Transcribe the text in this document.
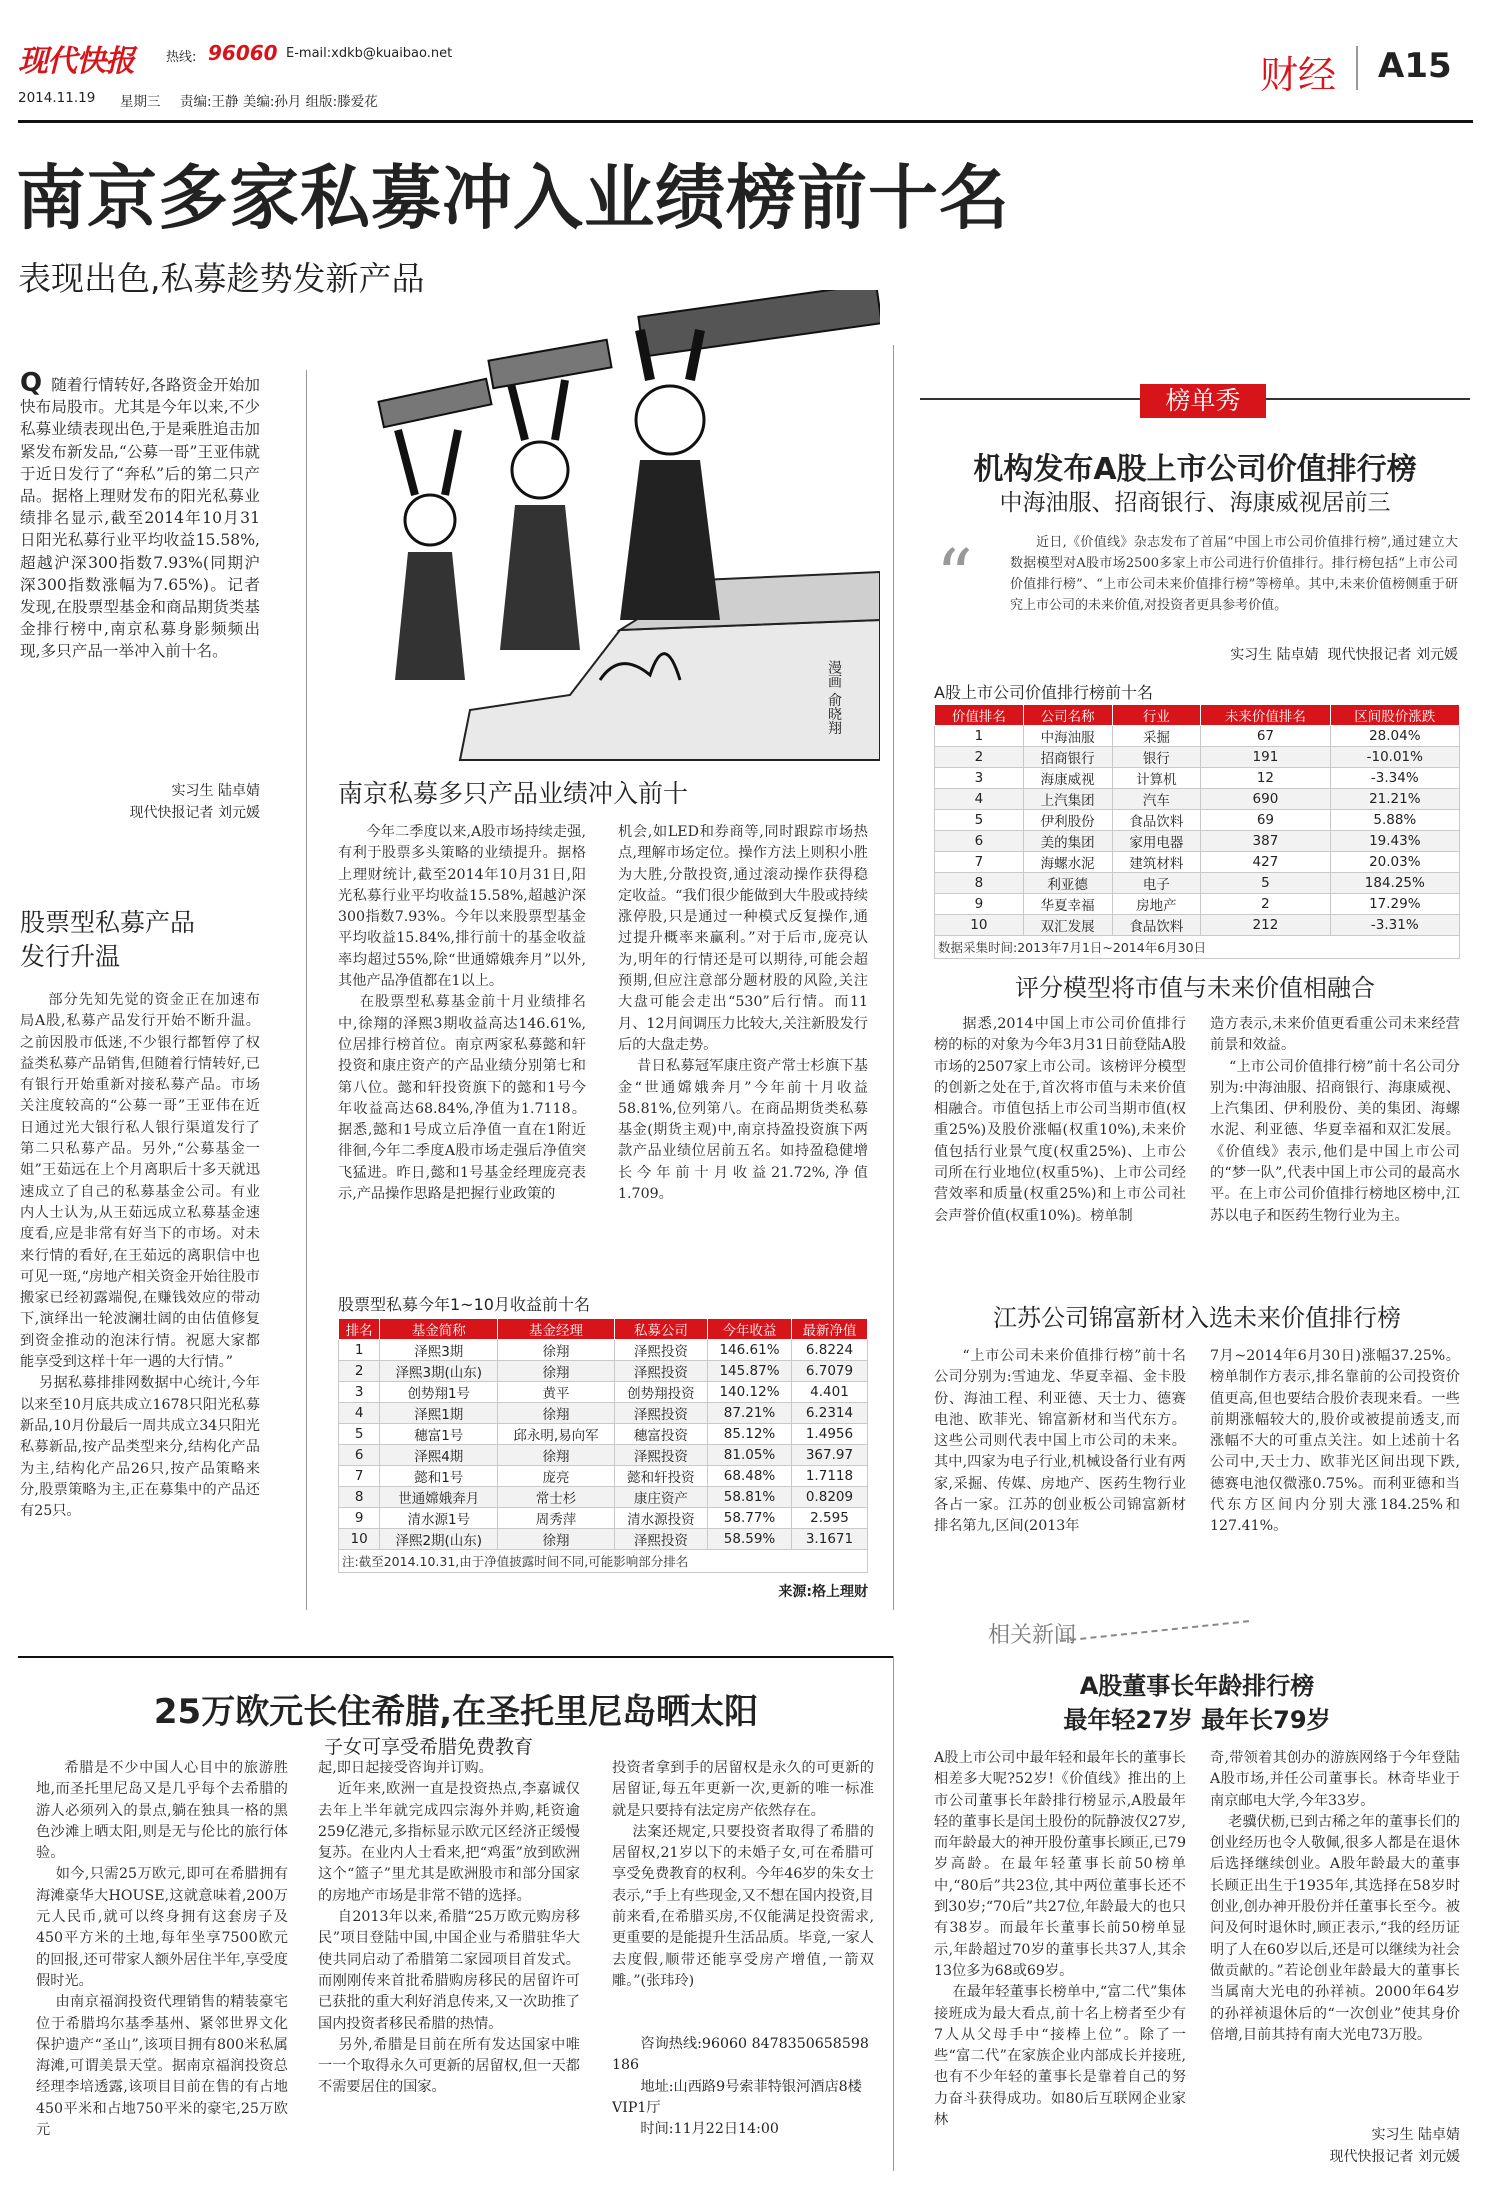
现代快报 热线: 96060 E-mail:xdkb@kuaibao.net
2014.11.19 星期三 责编:王静 美编:孙月 组版:滕爱花
财经 A15
南京多家私募冲入业绩榜前十名
表现出色,私募趁势发新产品
Q 随着行情转好,各路资金开始加快布局股市。尤其是今年以来,不少私募业绩表现出色,于是乘胜追击加紧发布新发品,“公募一哥”王亚伟就于近日发行了“奔私”后的第二只产品。据格上理财发布的阳光私募业绩排名显示,截至2014年10月31日阳光私募行业平均收益15.58%,超越沪深300指数7.93%(同期沪深300指数涨幅为7.65%)。记者发现,在股票型基金和商品期货类基金排行榜中,南京私募身影频频出现,多只产品一举冲入前十名。
实习生 陆卓婧
现代快报记者 刘元媛
漫画 俞晓翔
股票型私募产品
发行升温
部分先知先觉的资金正在加速布局A股,私募产品发行开始不断升温。之前因股市低迷,不少银行都暂停了权益类私募产品销售,但随着行情转好,已有银行开始重新对接私募产品。市场关注度较高的“公募一哥”王亚伟在近日通过光大银行私人银行渠道发行了第二只私募产品。另外,“公募基金一姐”王茹远在上个月离职后十多天就迅速成立了自己的私募基金公司。有业内人士认为,从王茹远成立私募基金速度看,应是非常有好当下的市场。对未来行情的看好,在王茹远的离职信中也可见一斑,“房地产相关资金开始往股市搬家已经初露端倪,在赚钱效应的带动下,演绎出一轮波澜壮阔的由估值修复到资金推动的泡沫行情。祝愿大家都能享受到这样十年一遇的大行情。”
另据私募排排网数据中心统计,今年以来至10月底共成立1678只阳光私募新品,10月份最后一周共成立34只阳光私募新品,按产品类型来分,结构化产品为主,结构化产品26只,按产品策略来分,股票策略为主,正在募集中的产品还有25只。
南京私募多只产品业绩冲入前十
今年二季度以来,A股市场持续走强,有利于股票多头策略的业绩提升。据格上理财统计,截至2014年10月31日,阳光私募行业平均收益15.58%,超越沪深300指数7.93%。今年以来股票型基金平均收益15.84%,排行前十的基金收益率均超过55%,除“世通嫦娥奔月”以外,其他产品净值都在1以上。
在股票型私募基金前十月业绩排名中,徐翔的泽熙3期收益高达146.61%,位居排行榜首位。南京两家私募懿和轩投资和康庄资产的产品业绩分别第七和第八位。懿和轩投资旗下的懿和1号今年收益高达68.84%,净值为1.7118。据悉,懿和1号成立后净值一直在1附近徘徊,今年二季度A股市场走强后净值突飞猛进。昨日,懿和1号基金经理庞亮表示,产品操作思路是把握行业政策的
机会,如LED和券商等,同时跟踪市场热点,理解市场定位。操作方法上则积小胜为大胜,分散投资,通过滚动操作获得稳定收益。“我们很少能做到大牛股或持续涨停股,只是通过一种模式反复操作,通过提升概率来赢利。”对于后市,庞亮认为,明年的行情还是可以期待,可能会超预期,但应注意部分题材股的风险,关注大盘可能会走出“530”后行情。而11月、12月间调压力比较大,关注新股发行后的大盘走势。
昔日私募冠军康庄资产常士杉旗下基金“世通嫦娥奔月”今年前十月收益58.81%,位列第八。在商品期货类私募基金(期货主观)中,南京持盈投资旗下两款产品业绩位居前五名。如持盈稳健增长今年前十月收益21.72%,净值1.709。
股票型私募今年1~10月收益前十名
排名	基金简称	基金经理	私募公司	今年收益	最新净值
1	泽熙3期	徐翔	泽熙投资	146.61%	6.8224
2	泽熙3期(山东)	徐翔	泽熙投资	145.87%	6.7079
3	创势翔1号	黄平	创势翔投资	140.12%	4.401
4	泽熙1期	徐翔	泽熙投资	87.21%	6.2314
5	穗富1号	邱永明,易向军	穗富投资	85.12%	1.4956
6	泽熙4期	徐翔	泽熙投资	81.05%	367.97
7	懿和1号	庞亮	懿和轩投资	68.48%	1.7118
8	世通嫦娥奔月	常士杉	康庄资产	58.81%	0.8209
9	清水源1号	周秀萍	清水源投资	58.77%	2.595
10	泽熙2期(山东)	徐翔	泽熙投资	58.59%	3.1671
注:截至2014.10.31,由于净值披露时间不同,可能影响部分排名
来源:格上理财
榜单秀
机构发布A股上市公司价值排行榜
中海油服、招商银行、海康威视居前三
“	近日,《价值线》杂志发布了首届“中国上市公司价值排行榜”,通过建立大数据模型对A股市场2500多家上市公司进行价值排行。排行榜包括“上市公司价值排行榜”、“上市公司未来价值排行榜”等榜单。其中,未来价值榜侧重于研究上市公司的未来价值,对投资者更具参考价值。
实习生 陆卓婧  现代快报记者 刘元媛
A股上市公司价值排行榜前十名
价值排名	公司名称	行业	未来价值排名	区间股价涨跌
1	中海油服	采掘	67	28.04%
2	招商银行	银行	191	-10.01%
3	海康威视	计算机	12	-3.34%
4	上汽集团	汽车	690	21.21%
5	伊利股份	食品饮料	69	5.88%
6	美的集团	家用电器	387	19.43%
7	海螺水泥	建筑材料	427	20.03%
8	利亚德	电子	5	184.25%
9	华夏幸福	房地产	2	17.29%
10	双汇发展	食品饮料	212	-3.31%
数据采集时间:2013年7月1日~2014年6月30日
评分模型将市值与未来价值相融合
据悉,2014中国上市公司价值排行榜的标的对象为今年3月31日前登陆A股市场的2507家上市公司。该榜评分模型的创新之处在于,首次将市值与未来价值相融合。市值包括上市公司当期市值(权重25%)及股价涨幅(权重10%),未来价值包括行业景气度(权重25%)、上市公司所在行业地位(权重5%)、上市公司经营效率和质量(权重25%)和上市公司社会声誉价值(权重10%)。榜单制
造方表示,未来价值更看重公司未来经营前景和效益。
“上市公司价值排行榜”前十名公司分别为:中海油服、招商银行、海康威视、上汽集团、伊利股份、美的集团、海螺水泥、利亚德、华夏幸福和双汇发展。《价值线》表示,他们是中国上市公司的“梦一队”,代表中国上市公司的最高水平。在上市公司价值排行榜地区榜中,江苏以电子和医药生物行业为主。
江苏公司锦富新材入选未来价值排行榜
“上市公司未来价值排行榜”前十名公司分别为:雪迪龙、华夏幸福、金卡股份、海油工程、利亚德、天士力、德赛电池、欧菲光、锦富新材和当代东方。这些公司则代表中国上市公司的未来。其中,四家为电子行业,机械设备行业有两家,采掘、传媒、房地产、医药生物行业各占一家。江苏的创业板公司锦富新材排名第九,区间(2013年
7月~2014年6月30日)涨幅37.25%。榜单制作方表示,排名靠前的公司投资价值更高,但也要结合股价表现来看。一些前期涨幅较大的,股价或被提前透支,而涨幅不大的可重点关注。如上述前十名公司中,天士力、欧菲光区间出现下跌,德赛电池仅微涨0.75%。而利亚德和当代东方区间内分别大涨184.25%和127.41%。
相关新闻
A股董事长年龄排行榜
最年轻27岁 最年长79岁
A股上市公司中最年轻和最年长的董事长相差多大呢?52岁!《价值线》推出的上市公司董事长年龄排行榜显示,A股最年轻的董事长是闰土股份的阮静波仅27岁,而年龄最大的神开股份董事长顾正,已79岁高龄。在最年轻董事长前50榜单中,“80后”共23位,其中两位董事长还不到30岁;“70后”共27位,年龄最大的也只有38岁。而最年长董事长前50榜单显示,年龄超过70岁的董事长共37人,其余13位多为68或69岁。
在最年轻董事长榜单中,“富二代”集体接班成为最大看点,前十名上榜者至少有7人从父母手中“接棒上位”。除了一些“富二代”在家族企业内部成长并接班,也有不少年轻的董事长是靠着自己的努力奋斗获得成功。如80后互联网企业家林
奇,带领着其创办的游族网络于今年登陆A股市场,并任公司董事长。林奇毕业于南京邮电大学,今年33岁。
老骥伏枥,已到古稀之年的董事长们的创业经历也令人敬佩,很多人都是在退休后选择继续创业。A股年龄最大的董事长顾正出生于1935年,其选择在58岁时创业,创办神开股份并任董事长至今。被问及何时退休时,顾正表示,“我的经历证明了人在60岁以后,还是可以继续为社会做贡献的。”若论创业年龄最大的董事长当属南大光电的孙祥祯。2000年64岁的孙祥祯退休后的“一次创业”使其身价倍增,目前其持有南大光电73万股。
实习生 陆卓婧
现代快报记者 刘元媛
25万欧元长住希腊,在圣托里尼岛晒太阳
子女可享受希腊免费教育
希腊是不少中国人心目中的旅游胜地,而圣托里尼岛又是几乎每个去希腊的游人必须列入的景点,躺在独具一格的黑色沙滩上晒太阳,则是无与伦比的旅行体验。
如今,只需25万欧元,即可在希腊拥有海滩豪华大HOUSE,这就意味着,200万元人民币,就可以终身拥有这套房子及450平方米的土地,每年坐享7500欧元的回报,还可带家人额外居住半年,享受度假时光。
由南京福润投资代理销售的精装豪宅位于希腊坞尔基季基州、紧邻世界文化保护遗产“圣山”,该项目拥有800米私属海滩,可谓美景天堂。据南京福润投资总经理李培透露,该项目目前在售的有占地450平米和占地750平米的豪宅,25万欧元
起,即日起接受咨询并订购。
近年来,欧洲一直是投资热点,李嘉诚仅去年上半年就完成四宗海外并购,耗资逾259亿港元,多指标显示欧元区经济正缓慢复苏。在业内人士看来,把“鸡蛋”放到欧洲这个“篮子”里尤其是欧洲股市和部分国家的房地产市场是非常不错的选择。
自2013年以来,希腊“25万欧元购房移民”项目登陆中国,中国企业与希腊驻华大使共同启动了希腊第二家园项目首发式。而刚刚传来首批希腊购房移民的居留许可已获批的重大利好消息传来,又一次助推了国内投资者移民希腊的热情。
另外,希腊是目前在所有发达国家中唯一一个取得永久可更新的居留权,但一天都不需要居住的国家。
投资者拿到手的居留权是永久的可更新的居留证,每五年更新一次,更新的唯一标准就是只要持有法定房产依然存在。
法案还规定,只要投资者取得了希腊的居留权,21岁以下的未婚子女,可在希腊可享受免费教育的权利。今年46岁的朱女士表示,“手上有些现金,又不想在国内投资,目前来看,在希腊买房,不仅能满足投资需求,更重要的是能提升生活品质。毕竟,一家人去度假,顺带还能享受房产增值,一箭双雕。”(张玮玲)
咨询热线:96060 8478350658598186
地址:山西路9号索菲特银河酒店8楼VIP1厅
时间:11月22日14:00
